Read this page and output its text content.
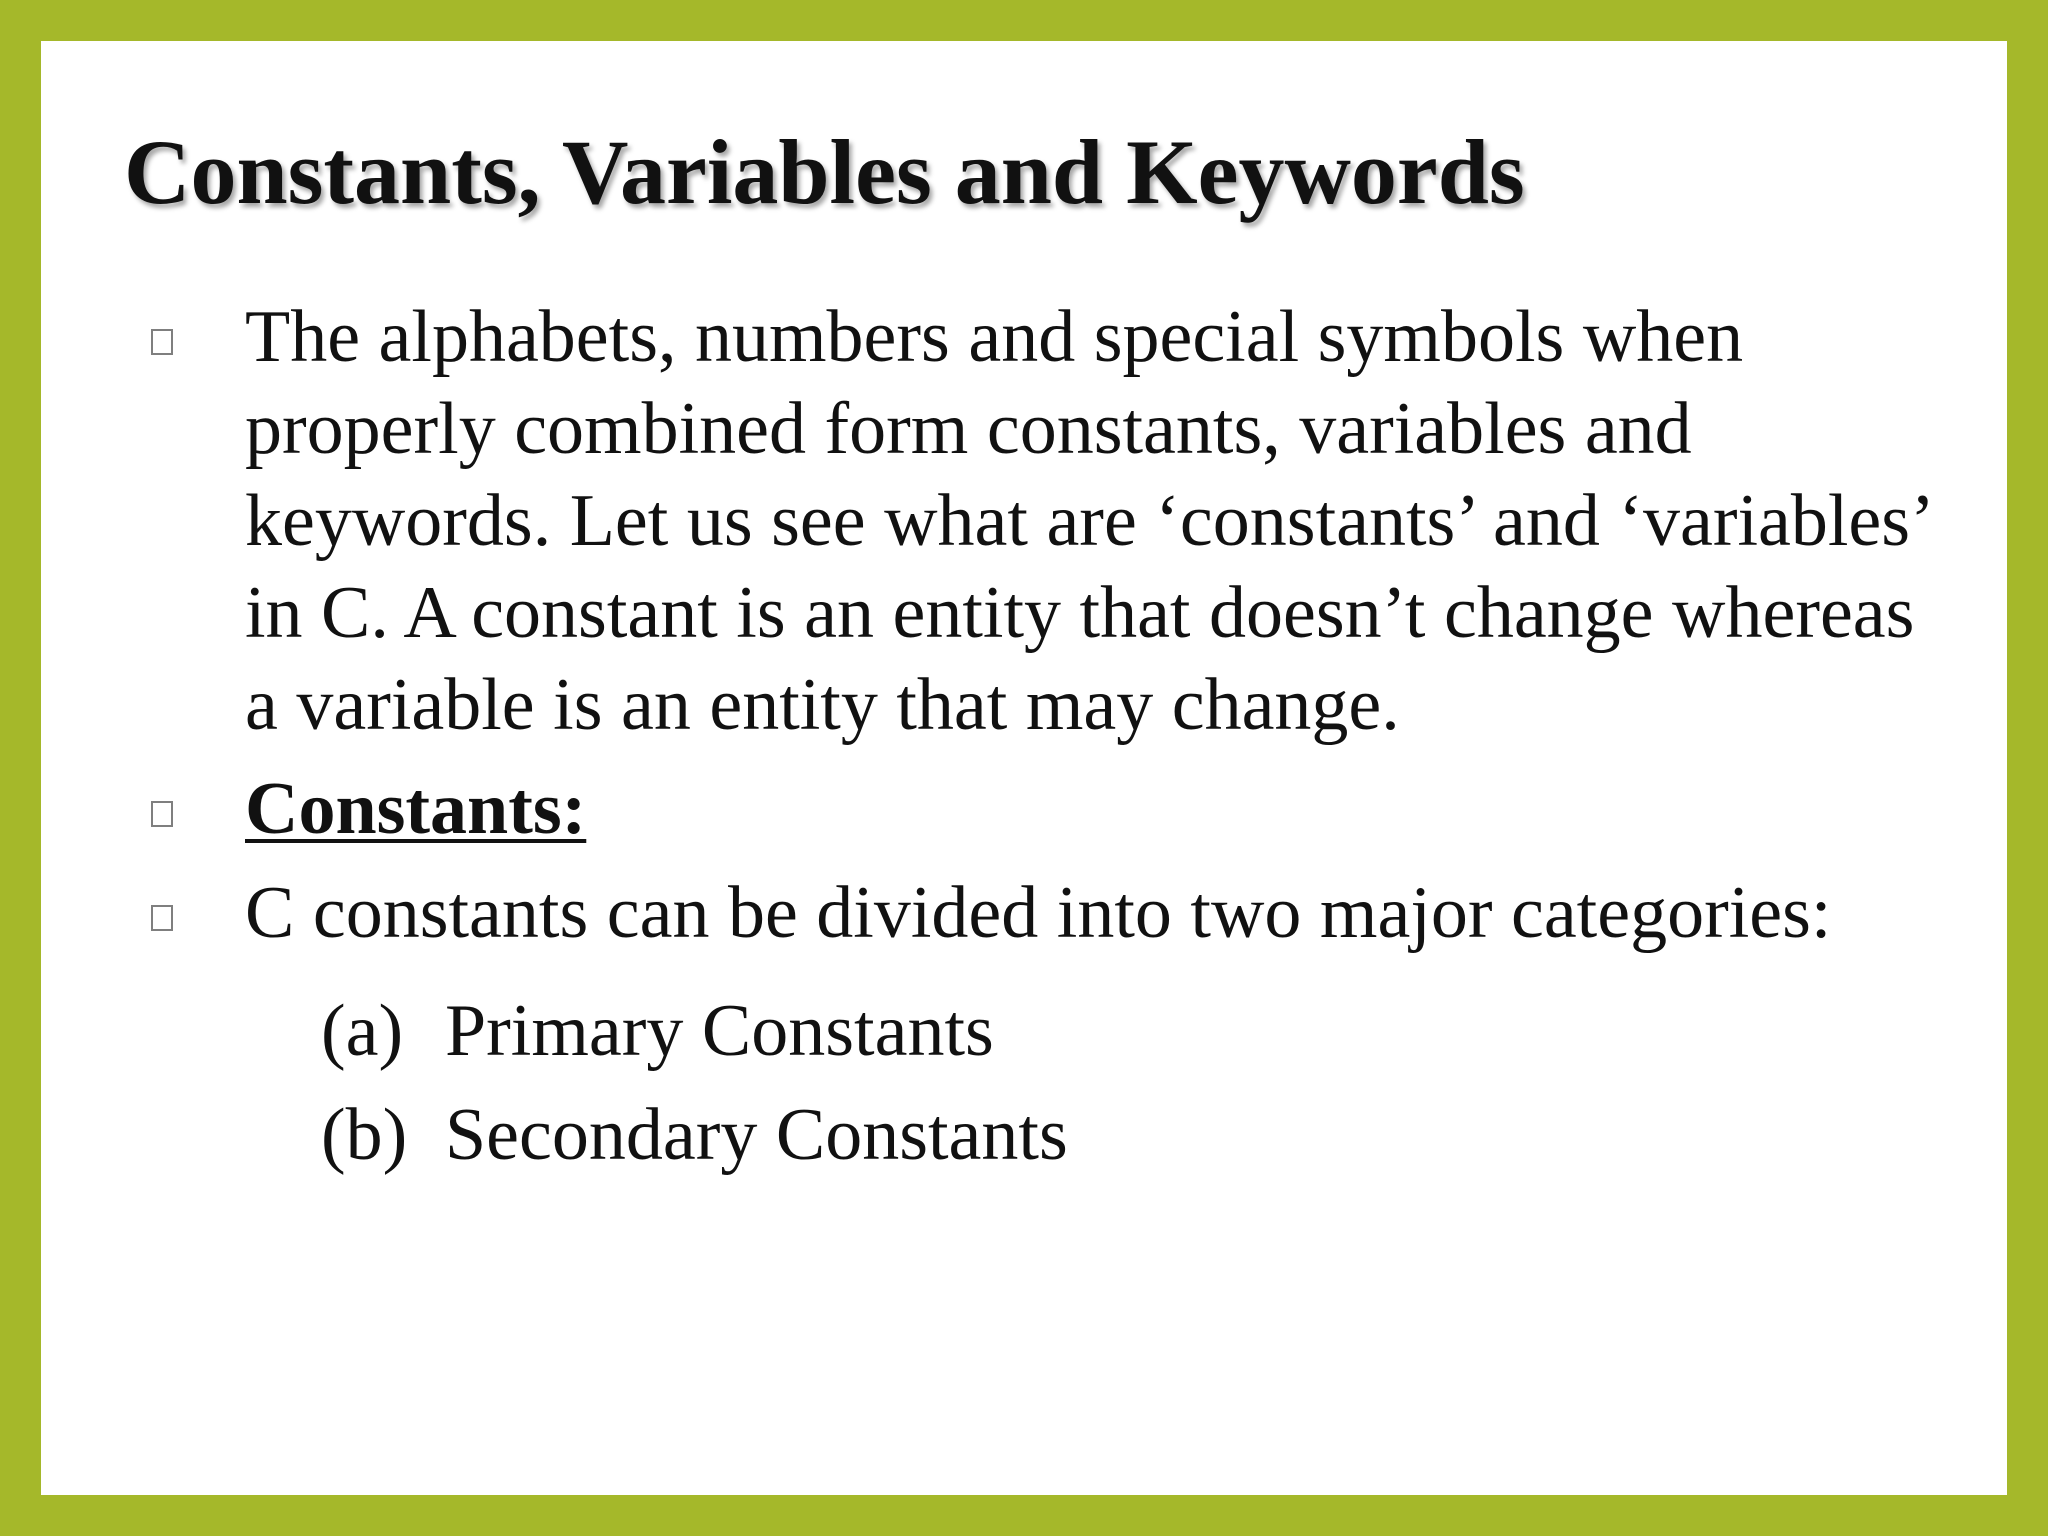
Constants, Variables and Keywords
The alphabets, numbers and special symbols when properly combined form constants, variables and keywords. Let us see what are ‘constants’ and ‘variables’ in C. A constant is an entity that doesn’t change whereas a variable is an entity that may change.
Constants:
C constants can be divided into two major categories:
(a) Primary Constants
(b) Secondary Constants
